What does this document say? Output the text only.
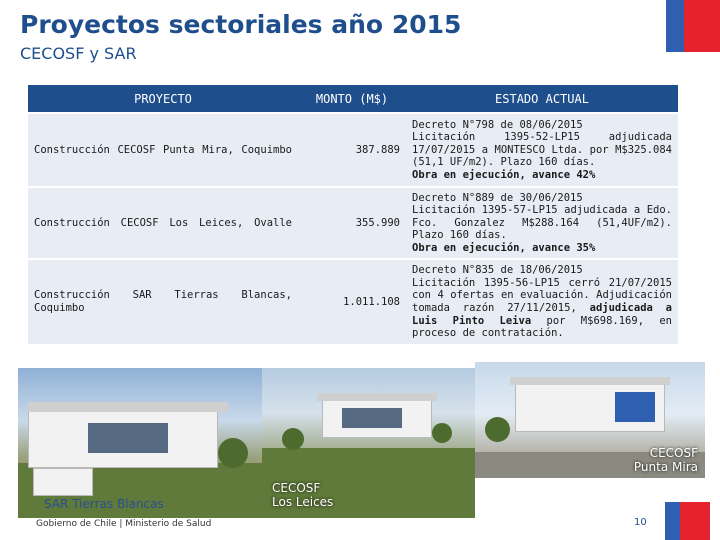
Proyectos sectoriales año 2015
CECOSF y SAR
PROYECTO	MONTO (M$)	ESTADO ACTUAL

Construcción CECOSF Punta Mira, Coquimbo	387.889	Decreto N°798 de 08/06/2015
Licitación 1395-52-LP15 adjudicada 17/07/2015 a MONTESCO Ltda. por M$325.084 (51,1 UF/m2). Plazo 160 días.
Obra en ejecución, avance 42%

Construcción CECOSF Los Leices, Ovalle	355.990	Decreto N°889 de 30/06/2015
Licitación 1395-57-LP15 adjudicada a Edo. Fco. Gonzalez M$288.164 (51,4UF/m2). Plazo 160 días.
Obra en ejecución, avance 35%

Construcción SAR Tierras Blancas, Coquimbo	1.011.108	Decreto N°835 de 18/06/2015
Licitación 1395-56-LP15 cerró 21/07/2015 con 4 ofertas en evaluación. Adjudicación tomada razón 27/11/2015, adjudicada a Luis Pinto Leiva por M$698.169, en proceso de contratación.
SAR Tierras Blancas
CECOSF
Los Leices
CECOSF
Punta Mira
Gobierno de Chile | Ministerio de Salud	10
